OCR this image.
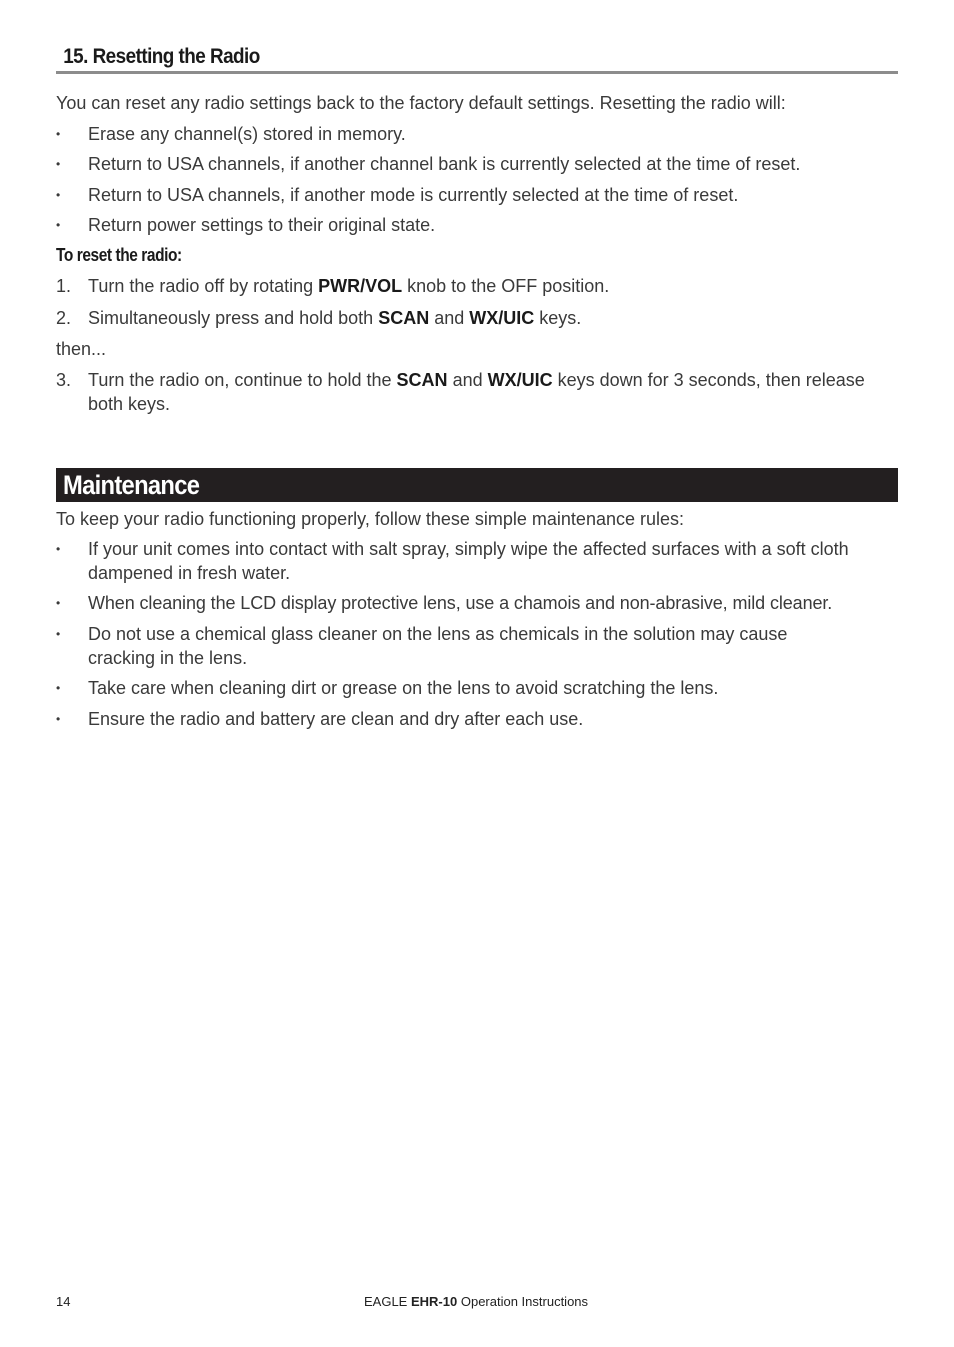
15. Resetting the Radio
You can reset any radio settings back to the factory default settings. Resetting the radio will:
• Erase any channel(s) stored in memory.
• Return to USA channels, if another channel bank is currently selected at the time of reset.
• Return to USA channels, if another mode is currently selected at the time of reset.
• Return power settings to their original state.
To reset the radio:
1. Turn the radio off by rotating PWR/VOL knob to the OFF position.
2. Simultaneously press and hold both SCAN and WX/UIC keys.
then...
3. Turn the radio on, continue to hold the SCAN and WX/UIC keys down for 3 seconds, then release both keys.
Maintenance
To keep your radio functioning properly, follow these simple maintenance rules:
• If your unit comes into contact with salt spray, simply wipe the affected surfaces with a soft cloth dampened in fresh water.
• When cleaning the LCD display protective lens, use a chamois and non-abrasive, mild cleaner.
• Do not use a chemical glass cleaner on the lens as chemicals in the solution may cause cracking in the lens.
• Take care when cleaning dirt or grease on the lens to avoid scratching the lens.
• Ensure the radio and battery are clean and dry after each use.
14	EAGLE EHR-10 Operation Instructions
